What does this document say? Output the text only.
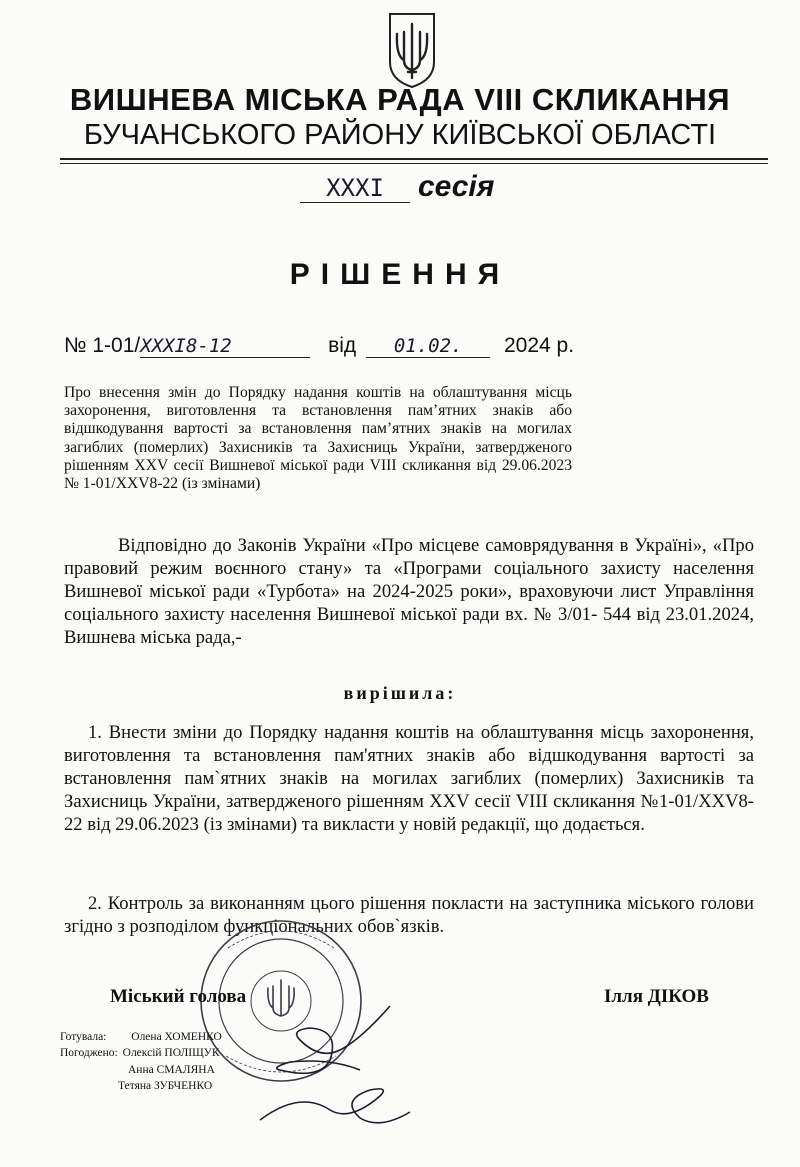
ВИШНЕВА МІСЬКА РАДА VIII СКЛИКАННЯ
БУЧАНСЬКОГО РАЙОНУ КИЇВСЬКОЇ ОБЛАСТІ
XXXI сесія
РІШЕННЯ
№ 1-01/XXXI8-12	від 01.02. 2024 р.
Про внесення змін до Порядку надання коштів на облаштування місць захоронення, виготовлення та встановлення пам’ятних знаків або відшкодування вартості за встановлення пам’ятних знаків на могилах загиблих (померлих) Захисників та Захисниць України, затвердженого рішенням XXV сесії Вишневої міської ради VIII скликання від 29.06.2023 № 1-01/XXV8-22 (із змінами)
Відповідно до Законів України «Про місцеве самоврядування в Україні», «Про правовий режим воєнного стану» та «Програми соціального захисту населення Вишневої міської ради «Турбота» на 2024-2025 роки», враховуючи лист Управління соціального захисту населення Вишневої міської ради вх. № 3/01- 544 від 23.01.2024, Вишнева міська рада,-
вирішила:
1. Внести зміни до Порядку надання коштів на облаштування місць захоронення, виготовлення та встановлення пам'ятних знаків або відшкодування вартості за встановлення пам`ятних знаків на могилах загиблих (померлих) Захисників та Захисниць України, затвердженого рішенням XXV сесії VIII скликання №1-01/XXV8-22 від 29.06.2023 (із змінами) та викласти у новій редакції, що додається.
2. Контроль за виконанням цього рішення покласти на заступника міського голови згідно з розподілом функціональних обов`язків.
Міський голова	Ілля ДІКОВ
Готувала: Олена ХОМЕНКО
Погоджено: Олексій ПОЛІЩУК
Анна СМАЛЯНА
Тетяна ЗУБЧЕНКО
